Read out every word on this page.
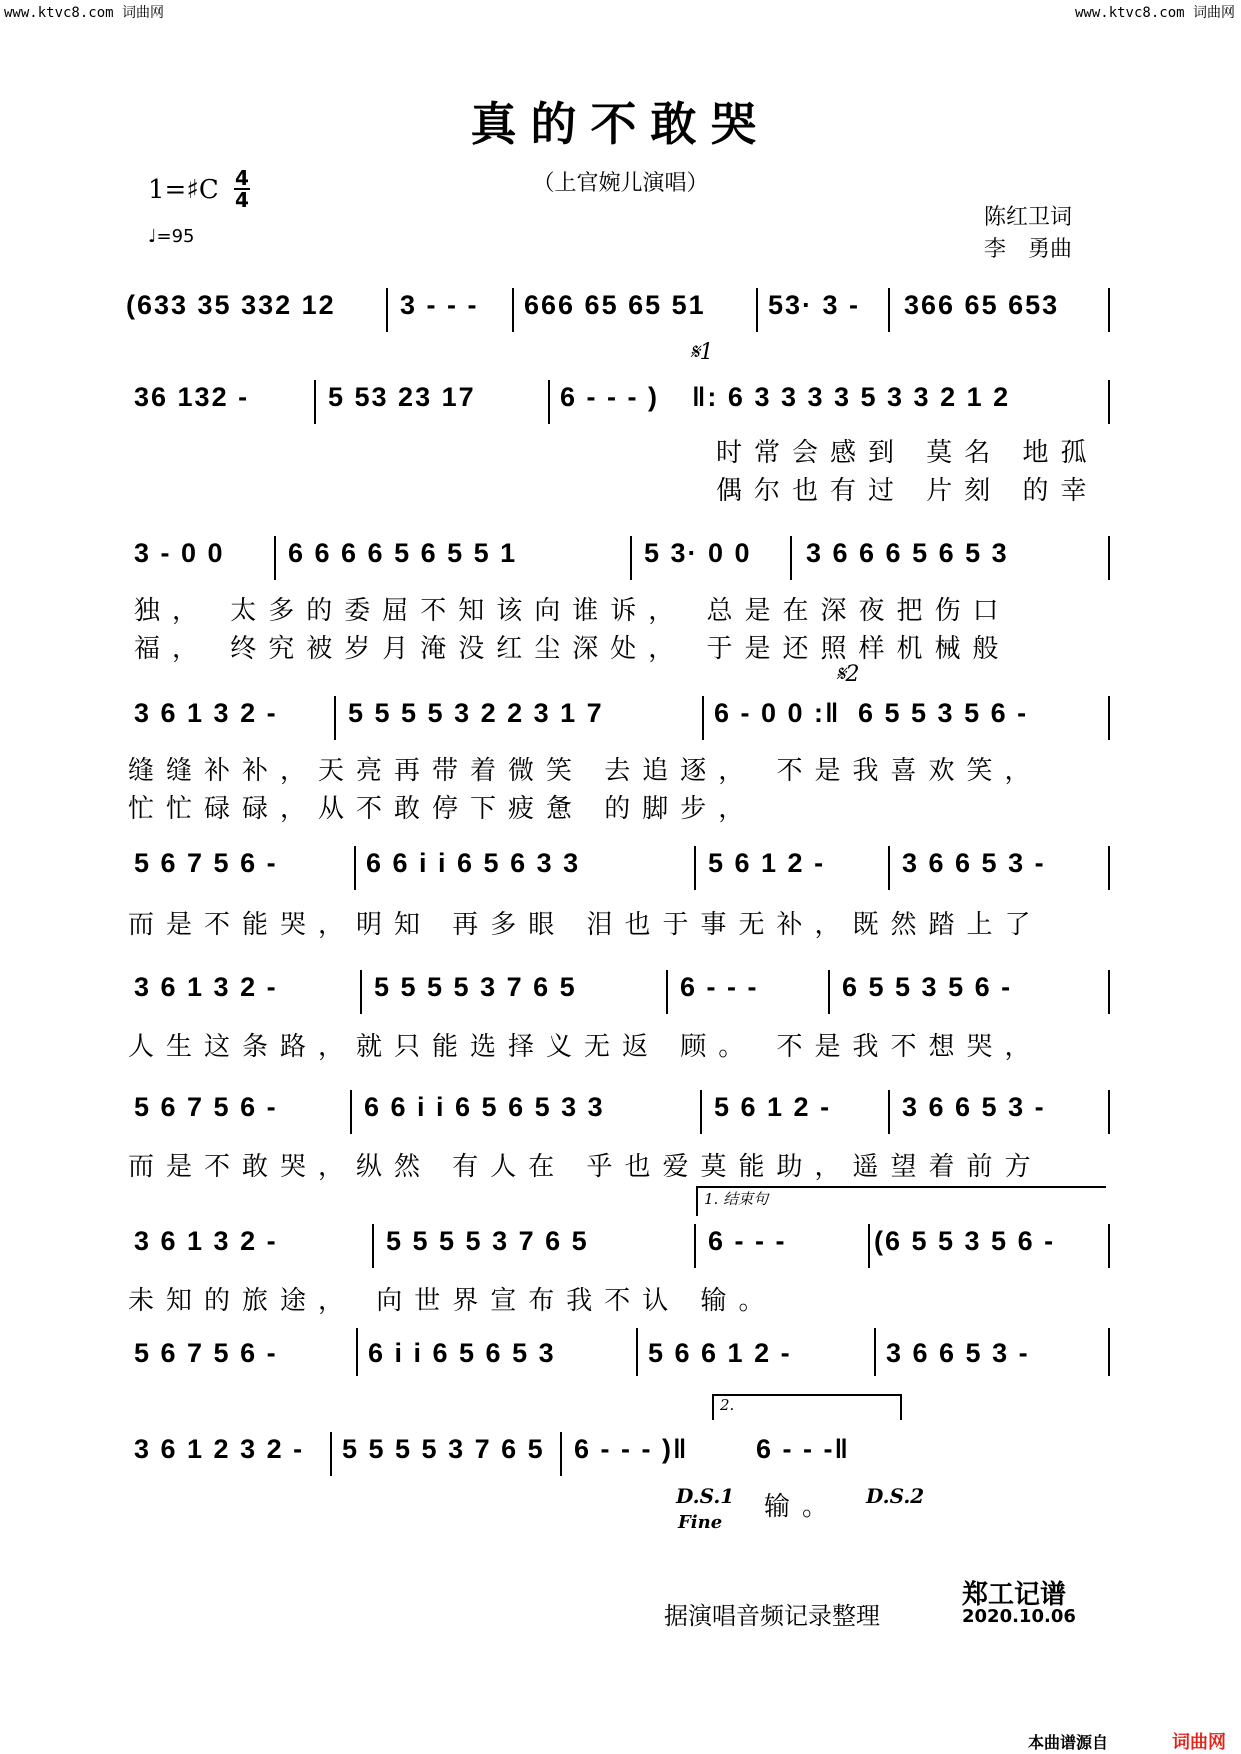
www.ktvc8.com 词曲网	www.ktvc8.com 词曲网
真的不敢哭
（上官婉儿演唱）
陈红卫词
李　勇曲
1=♯C 4
4
♩=95
(633 35 332 12 3 - - - 666 65 65 51 53· 3 - 366 65 653
𝄋1
36 132 -	5 53 23 17	6 - - - ) ‖: 6 3 3 3 3 5 3 3 2 1 2
时常会感到 莫名 地孤
偶尔也有过 片刻 的幸
3 - 0 0 6 6 6 6 5 6 5 5 1	5 3· 0 0 3 6 6 6 5 6 5 3
独， 太多的委屈不知该向谁诉， 总是在深夜把伤口
福， 终究被岁月淹没红尘深处， 于是还照样机械般
𝄋2
3 6 1 3 2 -	5 5 5 5 3 2 2 3 1 7	6 - 0 0 :‖ 6 5 5 3 5 6 -
缝缝补补，天亮再带着微笑 去追逐， 不是我喜欢笑，
忙忙碌碌，从不敢停下疲惫 的脚步，
5 6 7 5 6 -	6 6 i i 6 5 6 3 3	5 6 1 2 -	3 6 6 5 3 -
而是不能哭，明知 再多眼 泪也于事无补，既然踏上了
3 6 1 3 2 -	5 5 5 5 3 7 6 5	6 - - -	6 5 5 3 5 6 -
人生这条路，就只能选择义无返 顾。 不是我不想哭，
5 6 7 5 6 -	6 6 i i 6 5 6 5 3 3	5 6 1 2 -	3 6 6 5 3 -
而是不敢哭，纵然 有人在 乎也爱莫能助，遥望着前方
1. 结束句
3 6 1 3 2 -	5 5 5 5 3 7 6 5	6 - - -	(6 5 5 3 5 6 -
未知的旅途， 向世界宣布我不认 输。
5 6 7 5 6 -	6 i i 6 5 6 5 3	5 6 6 1 2 -	3 6 6 5 3 -
2.
3 6 1 2 3 2 - 5 5 5 5 3 7 6 5 6 - - - )‖	6 - - -‖
D.S.1
Fine
输。 D.S.2
据演唱音频记录整理
郑工记谱
2020.10.06
本曲谱源自	词曲网
